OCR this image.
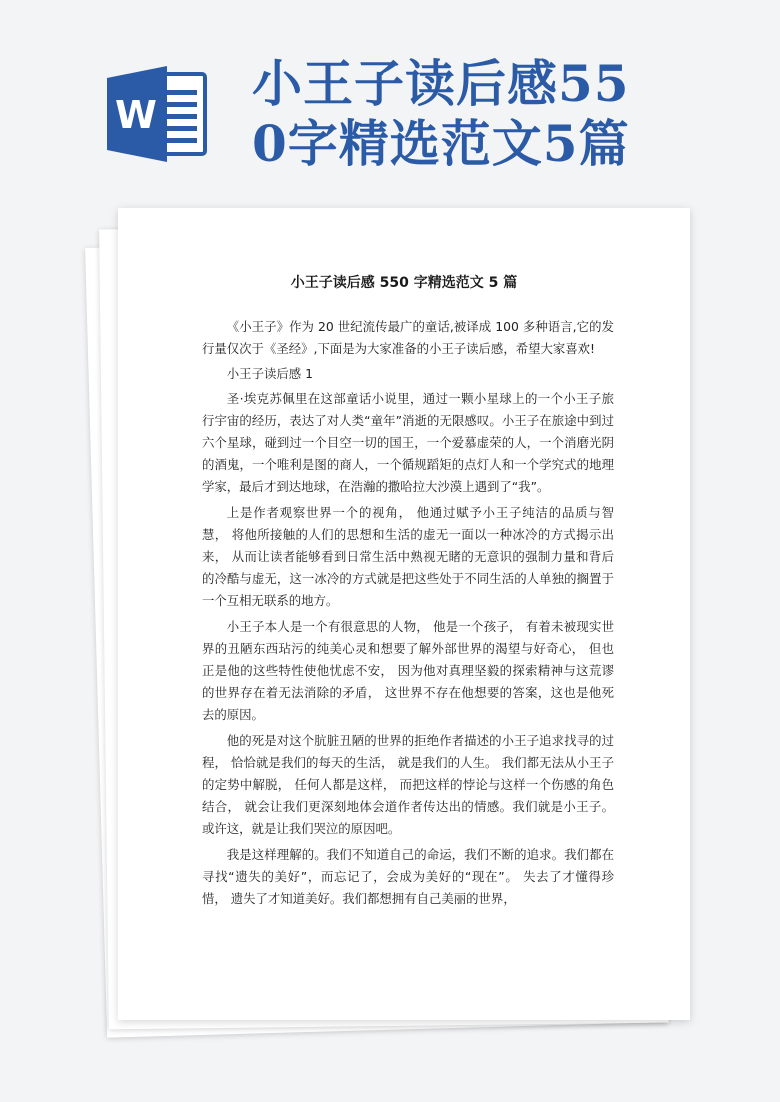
W
小王子读后感55
0字精选范文5篇
小王子读后感 550 字精选范文 5 篇

《小王子》作为 20 世纪流传最广的童话,被译成 100 多种语言,它的发行量仅次于《圣经》,下面是为大家准备的小王子读后感，希望大家喜欢!

小王子读后感 1

圣·埃克苏佩里在这部童话小说里，通过一颗小星球上的一个小王子旅行宇宙的经历，表达了对人类“童年”消逝的无限感叹。小王子在旅途中到过六个星球，碰到过一个目空一切的国王，一个爱慕虚荣的人，一个消磨光阴的酒鬼，一个唯利是图的商人，一个循规蹈矩的点灯人和一个学究式的地理学家，最后才到达地球，在浩瀚的撒哈拉大沙漠上遇到了“我”。

上是作者观察世界一个的视角， 他通过赋予小王子纯洁的品质与智慧， 将他所接触的人们的思想和生活的虚无一面以一种冰冷的方式揭示出来， 从而让读者能够看到日常生活中熟视无睹的无意识的强制力量和背后的冷酷与虚无，这一冰冷的方式就是把这些处于不同生活的人单独的搁置于一个互相无联系的地方。

小王子本人是一个有很意思的人物， 他是一个孩子， 有着未被现实世界的丑陋东西玷污的纯美心灵和想要了解外部世界的渴望与好奇心， 但也正是他的这些特性使他忧虑不安， 因为他对真理坚毅的探索精神与这荒谬的世界存在着无法消除的矛盾， 这世界不存在他想要的答案，这也是他死去的原因。

他的死是对这个肮脏丑陋的世界的拒绝作者描述的小王子追求找寻的过程， 恰恰就是我们的每天的生活， 就是我们的人生。 我们都无法从小王子的定势中解脱， 任何人都是这样， 而把这样的悖论与这样一个伤感的角色结合， 就会让我们更深刻地体会道作者传达出的情感。我们就是小王子。 或许这，就是让我们哭泣的原因吧。

我是这样理解的。我们不知道自己的命运，我们不断的追求。我们都在寻找“遗失的美好”，而忘记了，会成为美好的“现在”。 失去了才懂得珍惜， 遗失了才知道美好。我们都想拥有自己美丽的世界，
